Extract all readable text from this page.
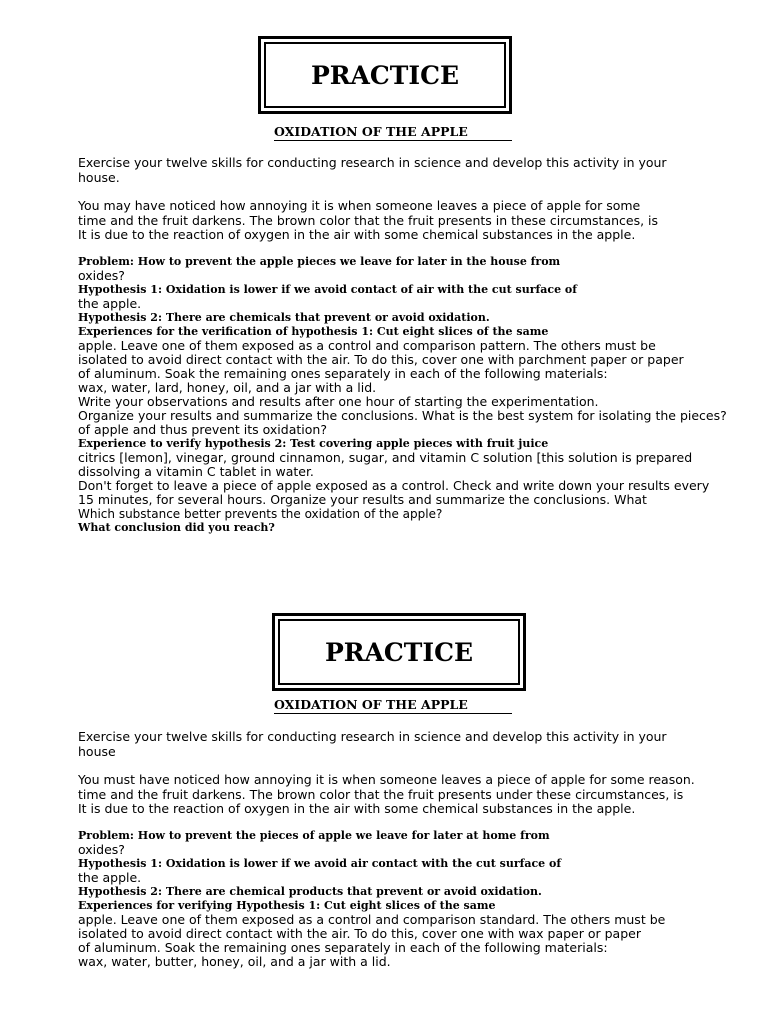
PRACTICE
OXIDATION OF THE APPLE
Exercise your twelve skills for conducting research in science and develop this activity in your
house.
You may have noticed how annoying it is when someone leaves a piece of apple for some
time and the fruit darkens. The brown color that the fruit presents in these circumstances, is
It is due to the reaction of oxygen in the air with some chemical substances in the apple.
Problem: How to prevent the apple pieces we leave for later in the house from
oxides?
Hypothesis 1: Oxidation is lower if we avoid contact of air with the cut surface of
the apple.
Hypothesis 2: There are chemicals that prevent or avoid oxidation.
Experiences for the verification of hypothesis 1: Cut eight slices of the same
apple. Leave one of them exposed as a control and comparison pattern. The others must be
isolated to avoid direct contact with the air. To do this, cover one with parchment paper or paper
of aluminum. Soak the remaining ones separately in each of the following materials:
wax, water, lard, honey, oil, and a jar with a lid.
Write your observations and results after one hour of starting the experimentation.
Organize your results and summarize the conclusions. What is the best system for isolating the pieces?
of apple and thus prevent its oxidation?
Experience to verify hypothesis 2: Test covering apple pieces with fruit juice
citrics [lemon], vinegar, ground cinnamon, sugar, and vitamin C solution [this solution is prepared
dissolving a vitamin C tablet in water.
Don't forget to leave a piece of apple exposed as a control. Check and write down your results every
15 minutes, for several hours. Organize your results and summarize the conclusions. What
Which substance better prevents the oxidation of the apple?
What conclusion did you reach?
PRACTICE
OXIDATION OF THE APPLE
Exercise your twelve skills for conducting research in science and develop this activity in your
house
You must have noticed how annoying it is when someone leaves a piece of apple for some reason.
time and the fruit darkens. The brown color that the fruit presents under these circumstances, is
It is due to the reaction of oxygen in the air with some chemical substances in the apple.
Problem: How to prevent the pieces of apple we leave for later at home from
oxides?
Hypothesis 1: Oxidation is lower if we avoid air contact with the cut surface of
the apple.
Hypothesis 2: There are chemical products that prevent or avoid oxidation.
Experiences for verifying Hypothesis 1: Cut eight slices of the same
apple. Leave one of them exposed as a control and comparison standard. The others must be
isolated to avoid direct contact with the air. To do this, cover one with wax paper or paper
of aluminum. Soak the remaining ones separately in each of the following materials:
wax, water, butter, honey, oil, and a jar with a lid.
